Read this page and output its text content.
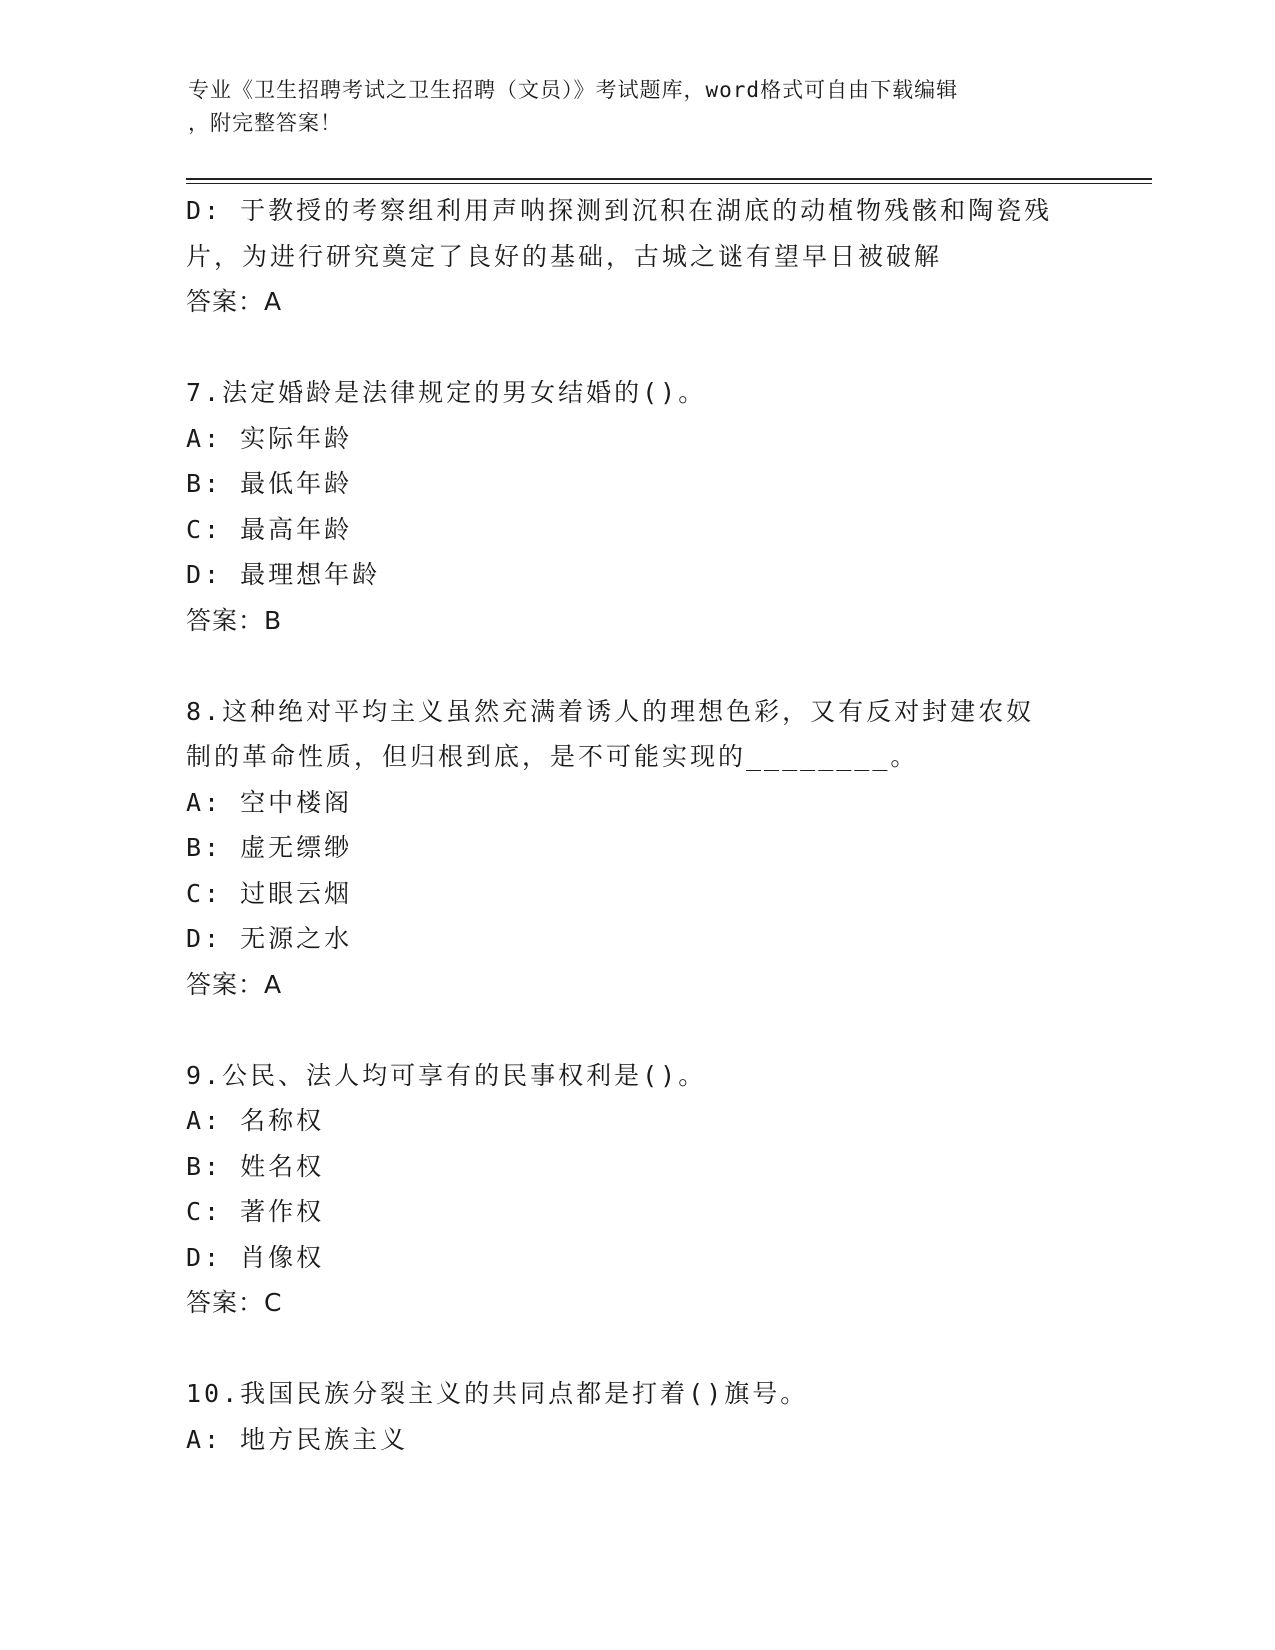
专业《卫生招聘考试之卫生招聘（文员）》考试题库，word格式可自由下载编辑
，附完整答案！
D: 于教授的考察组利用声呐探测到沉积在湖底的动植物残骸和陶瓷残
片，为进行研究奠定了良好的基础，古城之谜有望早日被破解
答案：A
7.法定婚龄是法律规定的男女结婚的()。
A: 实际年龄
B: 最低年龄
C: 最高年龄
D: 最理想年龄
答案：B
8.这种绝对平均主义虽然充满着诱人的理想色彩，又有反对封建农奴
制的革命性质，但归根到底，是不可能实现的________。
A: 空中楼阁
B: 虚无缥缈
C: 过眼云烟
D: 无源之水
答案：A
9.公民、法人均可享有的民事权利是()。
A: 名称权
B: 姓名权
C: 著作权
D: 肖像权
答案：C
10.我国民族分裂主义的共同点都是打着()旗号。
A: 地方民族主义
